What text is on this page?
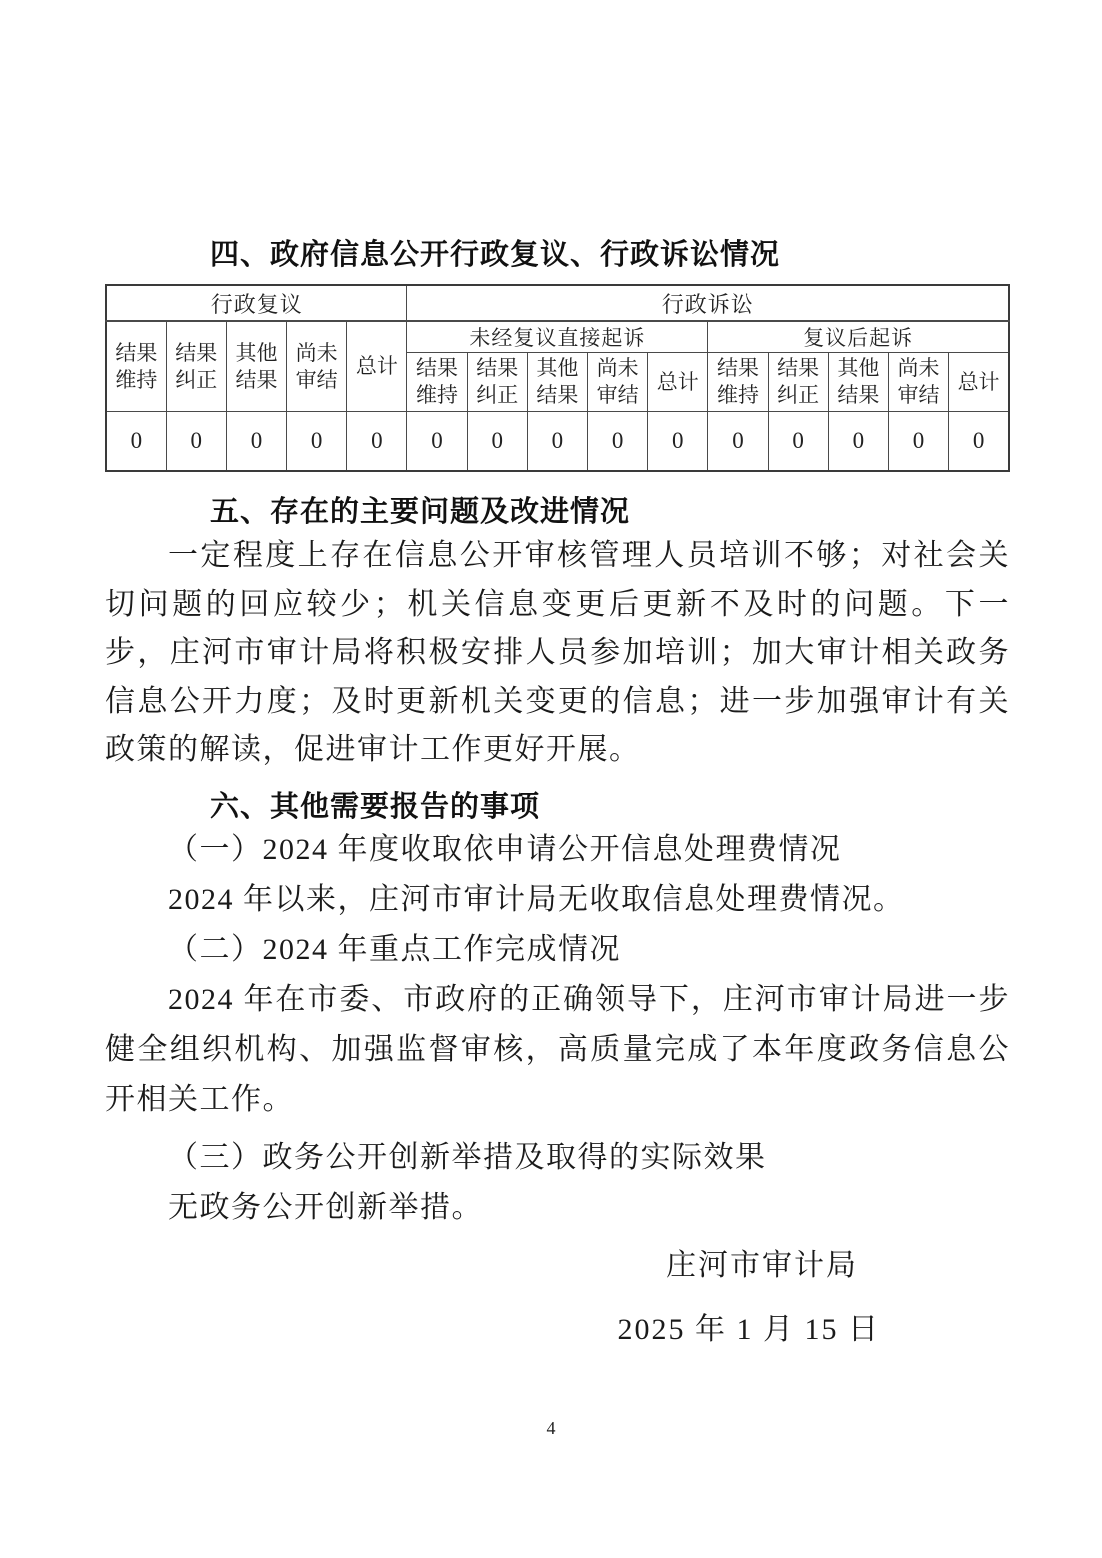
四、政府信息公开行政复议、行政诉讼情况
行政复议					行政诉讼									
结果维持	结果纠正	其他结果	尚未审结	总计	未经复议直接起诉					复议后起诉				
					结果维持	结果纠正	其他结果	尚未审结	总计	结果维持	结果纠正	其他结果	尚未审结	总计
0	0	0	0	0	0	0	0	0	0	0	0	0	0	0
五、存在的主要问题及改进情况

一定程度上存在信息公开审核管理人员培训不够；对社会关切问题的回应较少；机关信息变更后更新不及时的问题。下一步，庄河市审计局将积极安排人员参加培训；加大审计相关政务信息公开力度；及时更新机关变更的信息；进一步加强审计有关政策的解读，促进审计工作更好开展。

六、其他需要报告的事项

（一）2024 年度收取依申请公开信息处理费情况

2024 年以来，庄河市审计局无收取信息处理费情况。

（二）2024 年重点工作完成情况

2024 年在市委、市政府的正确领导下，庄河市审计局进一步健全组织机构、加强监督审核，高质量完成了本年度政务信息公开相关工作。

（三）政务公开创新举措及取得的实际效果

无政务公开创新举措。

庄河市审计局

2025 年 1 月 15 日

4
